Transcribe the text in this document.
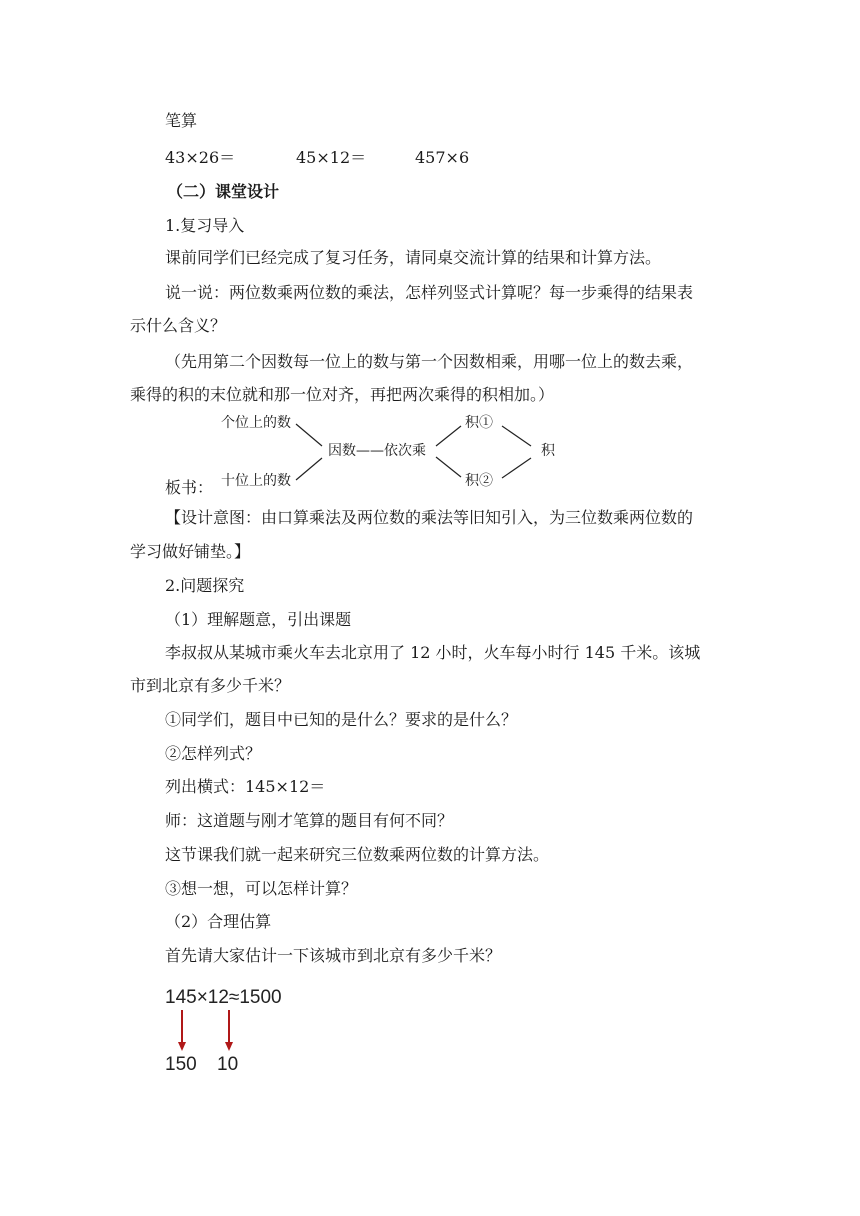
笔算
43×26＝	45×12＝	457×6
（二）课堂设计
1.复习导入
课前同学们已经完成了复习任务，请同桌交流计算的结果和计算方法。
说一说：两位数乘两位数的乘法，怎样列竖式计算呢？每一步乘得的结果表
示什么含义？
（先用第二个因数每一位上的数与第一个因数相乘，用哪一位上的数去乘，
乘得的积的末位就和那一位对齐，再把两次乘得的积相加。）
板书：
个位上的数
十位上的数
因数——依次乘
积①
积②
积
【设计意图：由口算乘法及两位数的乘法等旧知引入，为三位数乘两位数的
学习做好铺垫。】
2.问题探究
（1）理解题意，引出课题
李叔叔从某城市乘火车去北京用了 12 小时，火车每小时行 145 千米。该城
市到北京有多少千米？
①同学们，题目中已知的是什么？要求的是什么？
②怎样列式？
列出横式：145×12＝
师：这道题与刚才笔算的题目有何不同？
这节课我们就一起来研究三位数乘两位数的计算方法。
③想一想，可以怎样计算？
（2）合理估算
首先请大家估计一下该城市到北京有多少千米？
145×12≈1500
150 10
